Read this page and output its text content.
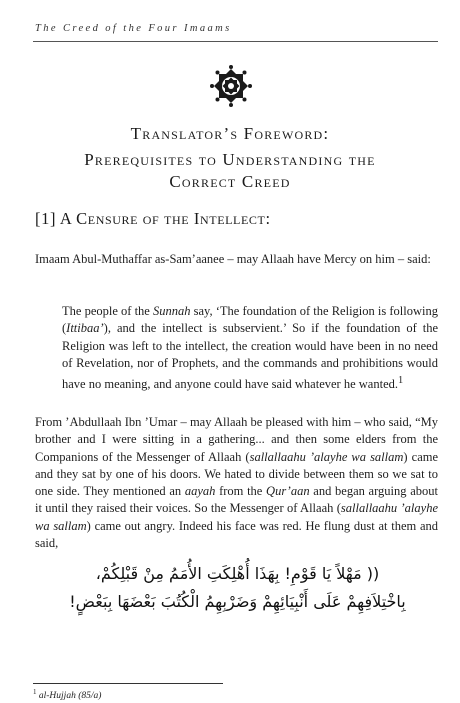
The Creed of the Four Imaams
Translator’s Foreword:
Prerequisites to Understanding the
Correct Creed
[1] A Censure of the Intellect:
Imaam Abul-Muthaffar as-Sam’aanee – may Allaah have Mercy on him – said:
The people of the Sunnah say, ‘The foundation of the Religion is following (Ittibaa’), and the intellect is subservient.’ So if the foundation of the Religion was left to the intellect, the creation would have been in no need of Revelation, nor of Prophets, and the commands and prohibitions would have no meaning, and anyone could have said whatever he wanted.$^1$
From ’Abdullaah Ibn ’Umar – may Allaah be pleased with him – who said, “My brother and I were sitting in a gathering... and then some elders from the Companions of the Messenger of Allaah (sallallaahu ’alayhe wa sallam) came and they sat by one of his doors. We hated to divide between them so we sat to one side. They mentioned an aayah from the Qur’aan and began arguing about it until they raised their voices. So the Messenger of Allaah (sallallaahu ’alayhe wa sallam) came out angry. Indeed his face was red. He flung dust at them and said,
(( مَهْلاً يَا قَوْمِ! بِهَذَا أُهْلِكَتِ الأُمَمُ مِنْ قَبْلِكُمْ،
بِاخْتِلاَفِهِمْ عَلَى أَنْبِيَائِهِمْ وَضَرْبِهِمُ الْكُتُبَ بَعْضَهَا بِبَعْضٍ!
$^1$ al-Hujjah (85/a)
